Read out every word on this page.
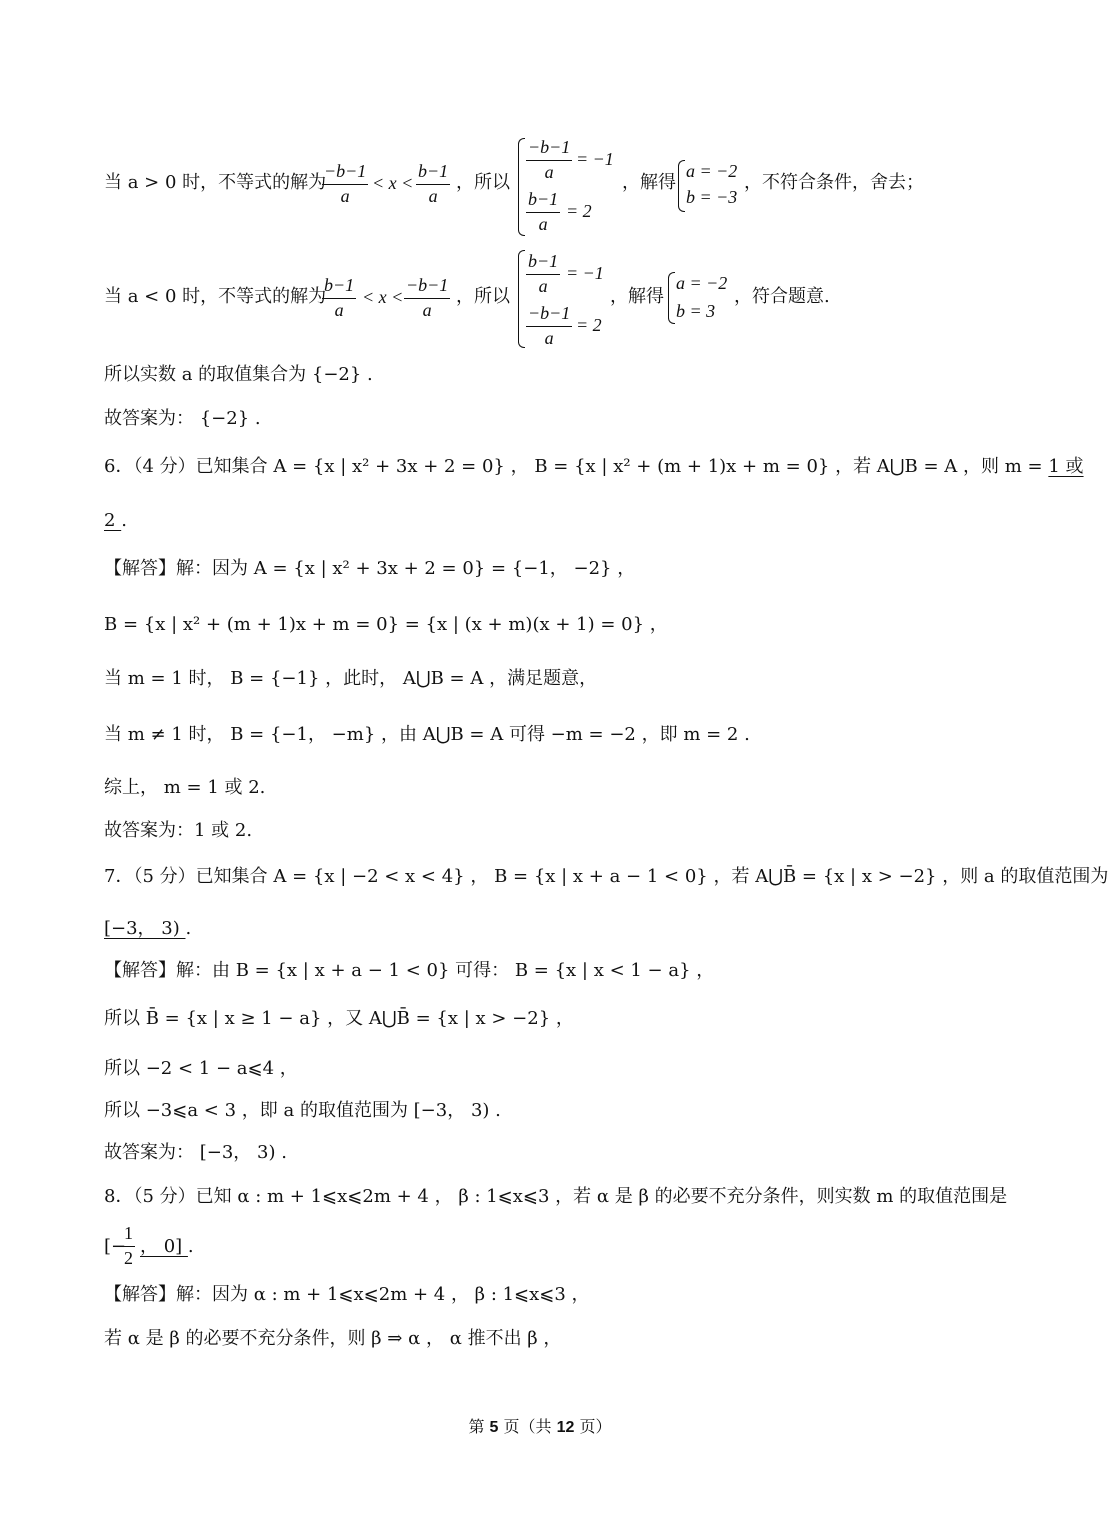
当 a > 0 时，不等式的解为
$\frac{-b-1}{a} < x < \frac{b-1}{a}$ ，所以 $\frac{-b-1}{a} = -1$
$\frac{b-1}{a} = 2$
，解得
a = −2
b = −3
，不符合条件，舍去；
当 a < 0 时，不等式的解为
$\frac{b-1}{a} < x < \frac{-b-1}{a}$ ，所以 $\frac{b-1}{a} = -1$
$\frac{-b-1}{a} = 2$
，解得
a = −2
b = 3
，符合题意.
所以实数 a 的取值集合为 {−2} .
故答案为： {−2} .
6．（4 分）已知集合 A = {x | x² + 3x + 2 = 0} ， B = {x | x² + (m + 1)x + m = 0} ，若 A⋃B = A ，则 m = 1 或
2 .
【解答】解：因为 A = {x | x² + 3x + 2 = 0} = {−1， −2} ，
B = {x | x² + (m + 1)x + m = 0} = {x | (x + m)(x + 1) = 0} ，
当 m = 1 时， B = {−1} ，此时， A⋃B = A ，满足题意，
当 m ≠ 1 时， B = {−1， −m} ，由 A⋃B = A 可得 −m = −2 ，即 m = 2 .
综上， m = 1 或 2.
故答案为：1 或 2.
7．（5 分）已知集合 A = {x | −2 < x < 4} ， B = {x | x + a − 1 < 0} ，若 A⋃B̄ = {x | x > −2} ，则 a 的取值范围为
[−3， 3) .
【解答】解：由 B = {x | x + a − 1 < 0} 可得： B = {x | x < 1 − a} ，
所以 B̄ = {x | x ≥ 1 − a} ，又 A⋃B̄ = {x | x > −2} ，
所以 −2 < 1 − a⩽4 ，
所以 −3⩽a < 3 ，即 a 的取值范围为 [−3， 3) .
故答案为： [−3， 3) .
8．（5 分）已知 α : m + 1⩽x⩽2m + 4 ， β : 1⩽x⩽3 ，若 α 是 β 的必要不充分条件，则实数 m 的取值范围是
[−
$\frac{1}{2}$ ， 0] .
【解答】解：因为 α : m + 1⩽x⩽2m + 4 ， β : 1⩽x⩽3 ，
若 α 是 β 的必要不充分条件，则 β ⇒ α ， α 推不出 β ，
第 5 页（共 12 页）
